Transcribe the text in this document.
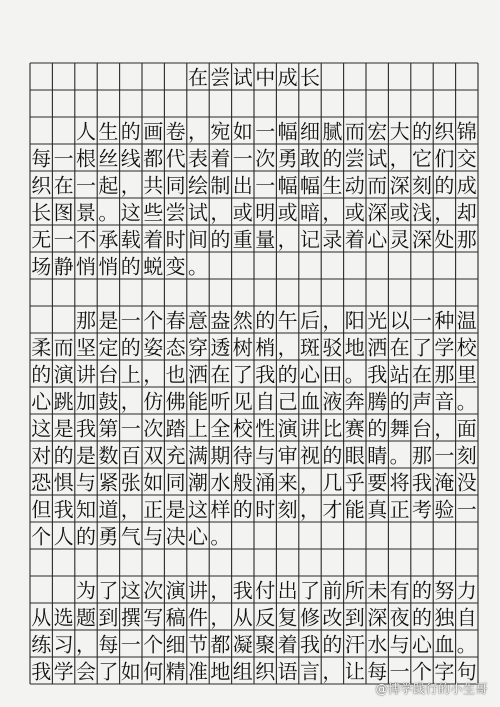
在 尝 试 中 成 长
人 生 的 画 卷 ， 宛 如 一 幅 细 腻 而 宏 大 的 织 锦
每 一 根 丝 线 都 代 表 着 一 次 勇 敢 的 尝 试 ， 它 们 交
织 在 一 起 ， 共 同 绘 制 出 一 幅 幅 生 动 而 深 刻 的 成
长 图 景 。 这 些 尝 试 ， 或 明 或 暗 ， 或 深 或 浅 ， 却
无 一 不 承 载 着 时 间 的 重 量 ， 记 录 着 心 灵 深 处 那
场 静 悄 悄 的 蜕 变 。
那 是 一 个 春 意 盎 然 的 午 后 ， 阳 光 以 一 种 温
柔 而 坚 定 的 姿 态 穿 透 树 梢 ， 斑 驳 地 洒 在 了 学 校
的 演 讲 台 上 ， 也 洒 在 了 我 的 心 田 。 我 站 在 那 里
心 跳 加 鼓 ， 仿 佛 能 听 见 自 己 血 液 奔 腾 的 声 音 。
这 是 我 第 一 次 踏 上 全 校 性 演 讲 比 赛 的 舞 台 ， 面
对 的 是 数 百 双 充 满 期 待 与 审 视 的 眼 睛 。 那 一 刻
恐 惧 与 紧 张 如 同 潮 水 般 涌 来 ， 几 乎 要 将 我 淹 没
但 我 知 道 ， 正 是 这 样 的 时 刻 ， 才 能 真 正 考 验 一
个 人 的 勇 气 与 决 心 。
为 了 这 次 演 讲 ， 我 付 出 了 前 所 未 有 的 努 力
从 选 题 到 撰 写 稿 件 ， 从 反 复 修 改 到 深 夜 的 独 自
练 习 ， 每 一 个 细 节 都 凝 聚 着 我 的 汗 水 与 心 血 。
我 学 会 了 如 何 精 准 地 组 织 语 言 ， 让 每 一 个 字 句
@博学践行的小生哥
